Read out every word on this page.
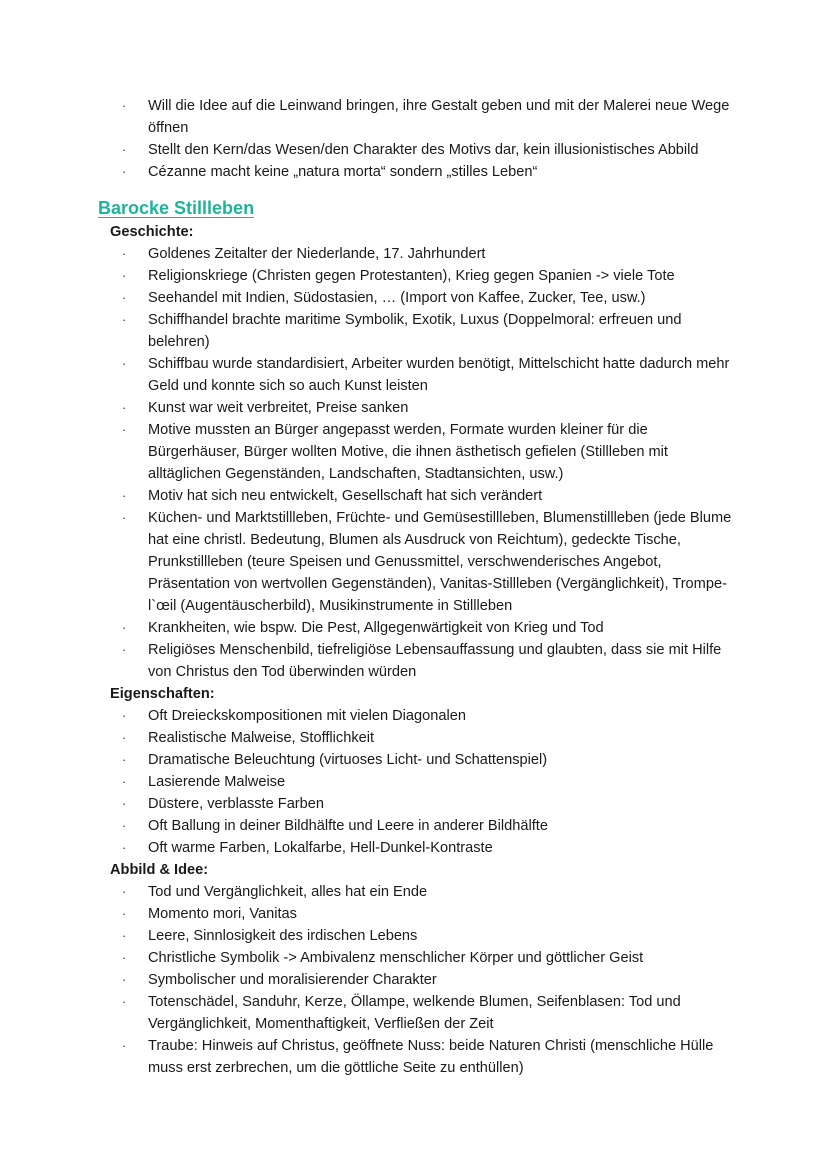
· Will die Idee auf die Leinwand bringen, ihre Gestalt geben und mit der Malerei neue Wege öffnen
· Stellt den Kern/das Wesen/den Charakter des Motivs dar, kein illusionistisches Abbild
· Cézanne macht keine „natura morta“ sondern „stilles Leben“
Barocke Stillleben
Geschichte:
· Goldenes Zeitalter der Niederlande, 17. Jahrhundert
· Religionskriege (Christen gegen Protestanten), Krieg gegen Spanien -> viele Tote
· Seehandel mit Indien, Südostasien, … (Import von Kaffee, Zucker, Tee, usw.)
· Schiffhandel brachte maritime Symbolik, Exotik, Luxus (Doppelmoral: erfreuen und belehren)
· Schiffbau wurde standardisiert, Arbeiter wurden benötigt, Mittelschicht hatte dadurch mehr Geld und konnte sich so auch Kunst leisten
· Kunst war weit verbreitet, Preise sanken
· Motive mussten an Bürger angepasst werden, Formate wurden kleiner für die Bürgerhäuser, Bürger wollten Motive, die ihnen ästhetisch gefielen (Stillleben mit alltäglichen Gegenständen, Landschaften, Stadtansichten, usw.)
· Motiv hat sich neu entwickelt, Gesellschaft hat sich verändert
· Küchen- und Marktstillleben, Früchte- und Gemüsestillleben, Blumenstillleben (jede Blume hat eine christl. Bedeutung, Blumen als Ausdruck von Reichtum), gedeckte Tische, Prunkstillleben (teure Speisen und Genussmittel, verschwenderisches Angebot, Präsentation von wertvollen Gegenständen), Vanitas-Stillleben (Vergänglichkeit), Trompe-l`œil (Augentäuscherbild), Musikinstrumente in Stillleben
· Krankheiten, wie bspw. Die Pest, Allgegenwärtigkeit von Krieg und Tod
· Religiöses Menschenbild, tiefreligiöse Lebensauffassung und glaubten, dass sie mit Hilfe von Christus den Tod überwinden würden
Eigenschaften:
· Oft Dreieckskompositionen mit vielen Diagonalen
· Realistische Malweise, Stofflichkeit
· Dramatische Beleuchtung (virtuoses Licht- und Schattenspiel)
· Lasierende Malweise
· Düstere, verblasste Farben
· Oft Ballung in deiner Bildhälfte und Leere in anderer Bildhälfte
· Oft warme Farben, Lokalfarbe, Hell-Dunkel-Kontraste
Abbild & Idee:
· Tod und Vergänglichkeit, alles hat ein Ende
· Momento mori, Vanitas
· Leere, Sinnlosigkeit des irdischen Lebens
· Christliche Symbolik -> Ambivalenz menschlicher Körper und göttlicher Geist
· Symbolischer und moralisierender Charakter
· Totenschädel, Sanduhr, Kerze, Öllampe, welkende Blumen, Seifenblasen: Tod und Vergänglichkeit, Momenthaftigkeit, Verfließen der Zeit
· Traube: Hinweis auf Christus, geöffnete Nuss: beide Naturen Christi (menschliche Hülle muss erst zerbrechen, um die göttliche Seite zu enthüllen)
